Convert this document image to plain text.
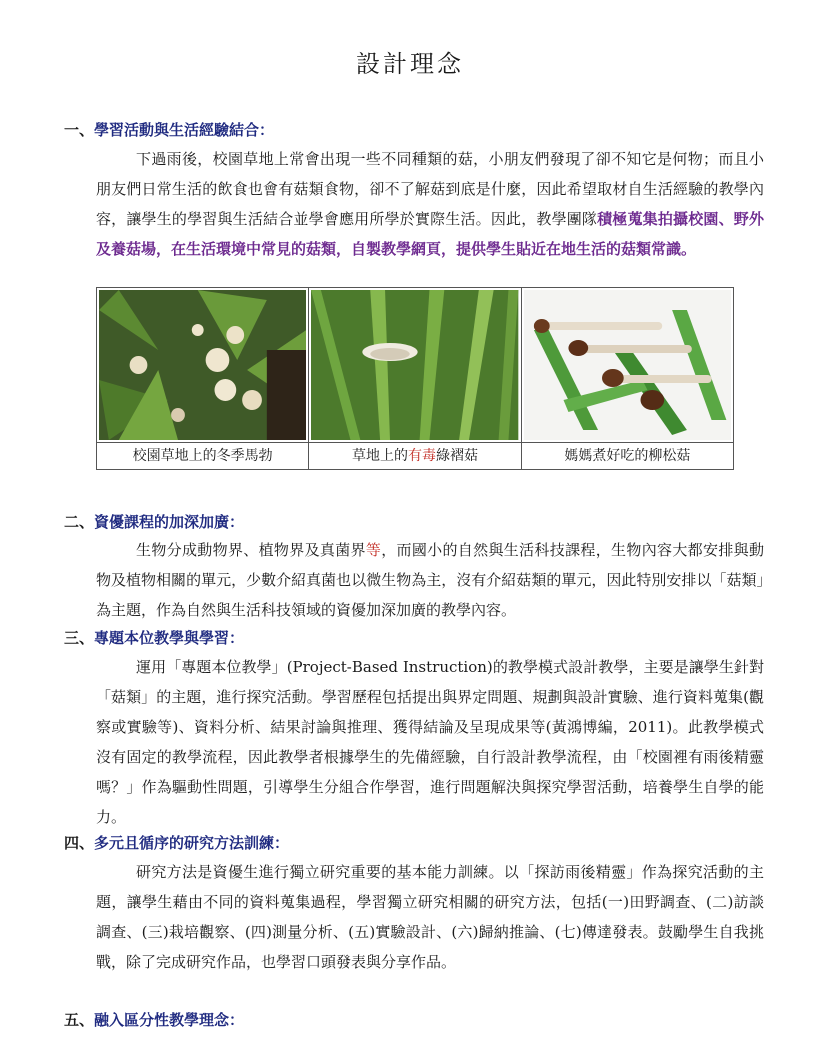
設計理念
一、學習活動與生活經驗結合：
下過雨後，校園草地上常會出現一些不同種類的菇，小朋友們發現了卻不知它是何物；而且小朋友們日常生活的飲食也會有菇類食物，卻不了解菇到底是什麼，因此希望取材自生活經驗的教學內容，讓學生的學習與生活結合並學會應用所學於實際生活。因此，教學團隊積極蒐集拍攝校園、野外及養菇場，在生活環境中常見的菇類，自製教學網頁，提供學生貼近在地生活的菇類常識。

校園草地上的冬季馬勃	草地上的有毒綠褶菇	媽媽煮好吃的柳松菇
二、資優課程的加深加廣：
生物分成動物界、植物界及真菌界等，而國小的自然與生活科技課程，生物內容大都安排與動物及植物相關的單元，少數介紹真菌也以微生物為主，沒有介紹菇類的單元，因此特別安排以「菇類」為主題，作為自然與生活科技領域的資優加深加廣的教學內容。
三、專題本位教學與學習：
運用「專題本位教學」(Project-Based Instruction)的教學模式設計教學，主要是讓學生針對「菇類」的主題，進行探究活動。學習歷程包括提出與界定問題、規劃與設計實驗、進行資料蒐集(觀察或實驗等)、資料分析、結果討論與推理、獲得結論及呈現成果等(黃鴻博編，2011)。此教學模式沒有固定的教學流程，因此教學者根據學生的先備經驗，自行設計教學流程，由「校園裡有雨後精靈嗎？」作為驅動性問題，引導學生分組合作學習，進行問題解決與探究學習活動，培養學生自學的能力。
四、多元且循序的研究方法訓練：
研究方法是資優生進行獨立研究重要的基本能力訓練。以「探訪雨後精靈」作為探究活動的主題，讓學生藉由不同的資料蒐集過程，學習獨立研究相關的研究方法，包括(一)田野調查、(二)訪談調查、(三)栽培觀察、(四)測量分析、(五)實驗設計、(六)歸納推論、(七)傳達發表。鼓勵學生自我挑戰，除了完成研究作品，也學習口頭發表與分享作品。
五、融入區分性教學理念：
